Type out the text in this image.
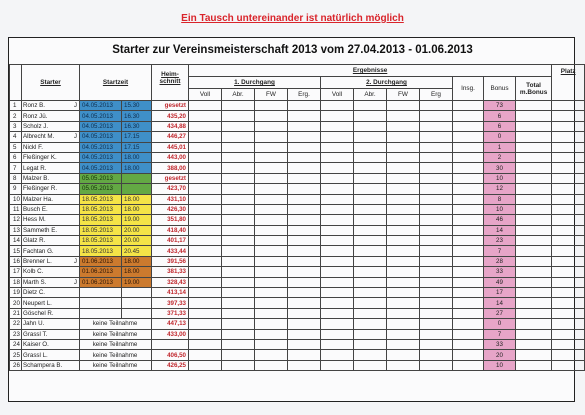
Ein Tausch untereinander ist natürlich möglich
Starter zur Vereinsmeisterschaft 2013 vom 27.04.2013 - 01.06.2013
	Starter	Startzeit		Heim-
schnitt	Ergebnisse											Platz
					1. Durchgang				2. Durchgang				Insg.	Bonus	Total
m.Bonus	
					Voll	Abr.	FW	Erg.	Voll	Abr.	FW	Erg				

1	Ronz B. J	04.05.2013	15.30	gesetzt										73		
2	Ronz Jü.	04.05.2013	16.30	435,20										6		
3	Scholz J.	04.05.2013	16.30	434,88										6		
4	Albrecht M. J	04.05.2013	17.15	446,27										0		
5	Nickl F.	04.05.2013	17.15	445,01										1		
6	Fleßinger K.	04.05.2013	18.00	443,00										2		
7	Legat R.	04.05.2013	18.00	388,00										30		
8	Malzer B.	05.05.2013		gesetzt										10		
9	Fleßinger R.	05.05.2013		423,70										12		
10	Malzer Ha.	18.05.2013	18.00	431,10										8		
11	Busch E.	18.05.2013	18.00	426,30										10		
12	Hess M.	18.05.2013	19.00	351,80										46		
13	Sammeth E.	18.05.2013	20.00	418,40										14		
14	Glatz R.	18.05.2013	20.00	401,17										23		
15	Fachtan G.	18.05.2013	20.45	433,44										7		
16	Brenner L. J	01.06.2013	18.00	391,56										28		
17	Kolb C.	01.06.2013	18.00	381,33										33		
18	Marth S. J	01.06.2013	19.00	328,43										49		
19	Dietz C.			413,14										17		
20	Neupert L.			397,33										14		
21	Göschel R.			371,33										27		
22	Jahn U.	keine Teilnahme		447,13										0		
23	Grassl T.	keine Teilnahme		433,00										7		
24	Kaiser O.	keine Teilnahme												33		
25	Grassl L.	keine Teilnahme		406,50										20		
26	Schampera B.	keine Teilnahme		426,25										10		
